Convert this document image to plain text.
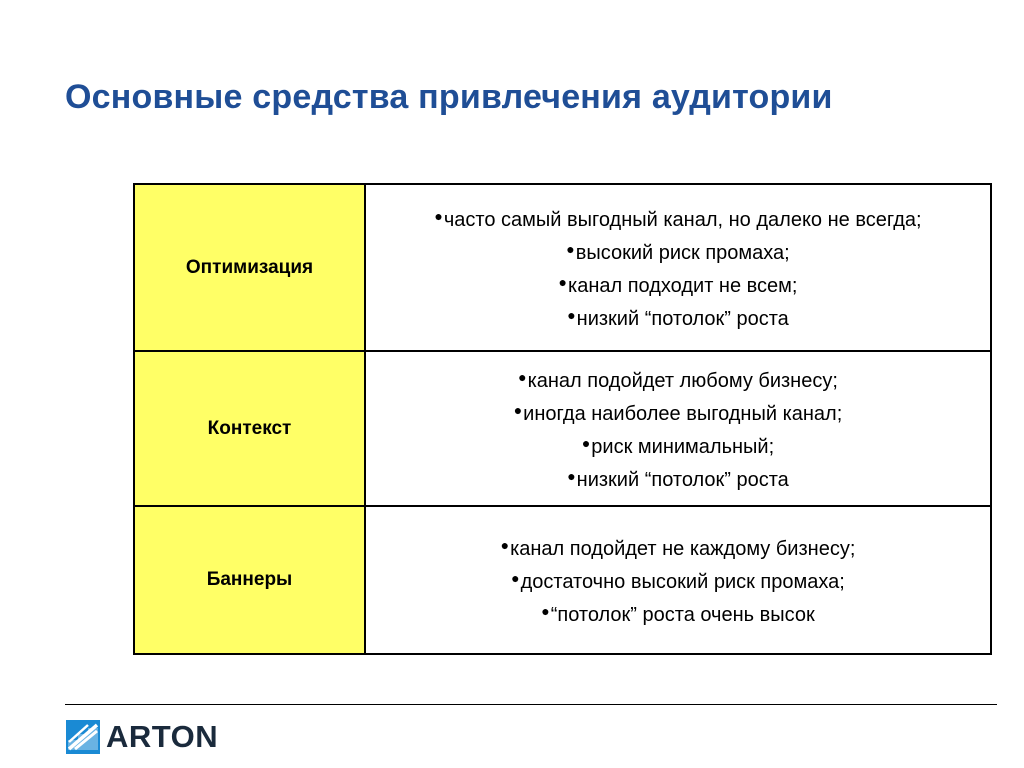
Основные средства привлечения аудитории
Оптимизация	●часто самый выгодный канал, но далеко не всегда;
●высокий риск промаха;
●канал подходит не всем;
●низкий “потолок” роста

Контекст	●канал подойдет любому бизнесу;
●иногда наиболее выгодный канал;
●риск минимальный;
●низкий “потолок” роста

Баннеры	●канал подойдет не каждому бизнесу;
●достаточно высокий риск промаха;
●“потолок” роста очень высок
ARTON
